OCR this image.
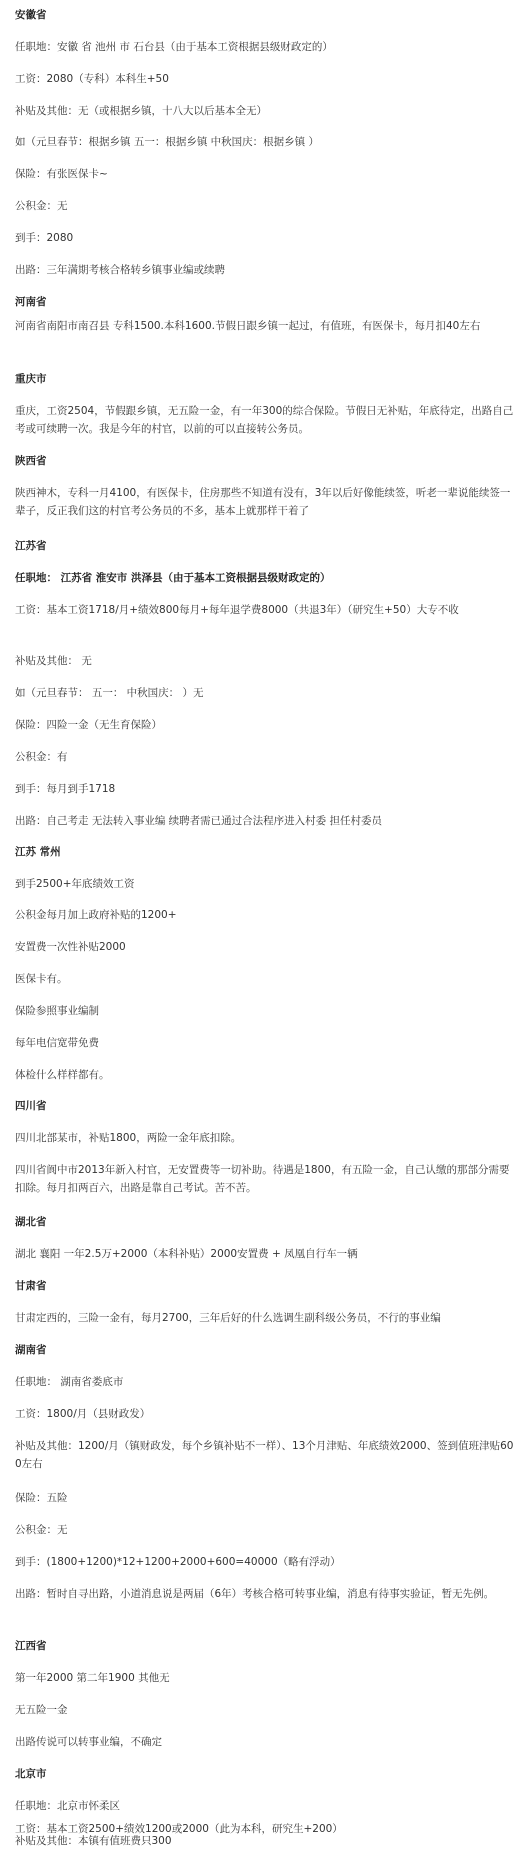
安徽省
任职地：安徽 省 池州 市 石台县（由于基本工资根据县级财政定的）
工资：2080（专科）本科生+50
补贴及其他：无（或根据乡镇，十八大以后基本全无）
如（元旦春节：根据乡镇 五一：根据乡镇 中秋国庆：根据乡镇 ）
保险：有张医保卡~
公积金：无
到手：2080
出路：三年满期考核合格转乡镇事业编或续聘
河南省
河南省南阳市南召县 专科1500.本科1600.节假日跟乡镇一起过，有值班，有医保卡，每月扣40左右
重庆市
重庆，工资2504，节假跟乡镇，无五险一金，有一年300的综合保险。节假日无补贴，年底待定，出路自己考或可续聘一次。我是今年的村官，以前的可以直接转公务员。
陕西省
陕西神木，专科一月4100，有医保卡，住房那些不知道有没有，3年以后好像能续签，听老一辈说能续签一辈子，反正我们这的村官考公务员的不多，基本上就那样干着了
江苏省
任职地： 江苏省 淮安市 洪泽县（由于基本工资根据县级财政定的）
工资：基本工资1718/月+绩效800每月+每年退学费8000（共退3年）（研究生+50）大专不收
补贴及其他： 无
如（元旦春节： 五一： 中秋国庆： ）无
保险：四险一金（无生育保险）
公积金：有
到手：每月到手1718
出路：自己考走 无法转入事业编 续聘者需已通过合法程序进入村委 担任村委员
江苏 常州
到手2500+年底绩效工资
公积金每月加上政府补贴的1200+
安置费一次性补贴2000
医保卡有。
保险参照事业编制
每年电信宽带免费
体检什么样样都有。
四川省
四川北部某市，补贴1800，两险一金年底扣除。
四川省阆中市2013年新入村官，无安置费等一切补助。待遇是1800，有五险一金，自己认缴的那部分需要扣除。每月扣两百六，出路是靠自己考试。苦不苦。
湖北省
湖北 襄阳 一年2.5万+2000（本科补贴）2000安置费 + 凤凰自行车一辆
甘肃省
甘肃定西的，三险一金有，每月2700，三年后好的什么选调生副科级公务员，不行的事业编
湖南省
任职地： 湖南省娄底市
工资：1800/月（县财政发）
补贴及其他：1200/月（镇财政发，每个乡镇补贴不一样）、13个月津贴、年底绩效2000、签到值班津贴600左右
保险：五险
公积金：无
到手：(1800+1200)*12+1200+2000+600=40000（略有浮动）
出路：暂时自寻出路，小道消息说是两届（6年）考核合格可转事业编，消息有待事实验证，暂无先例。
江西省
第一年2000 第二年1900 其他无
无五险一金
出路传说可以转事业编，不确定
北京市
任职地：北京市怀柔区
工资：基本工资2500+绩效1200或2000（此为本科，研究生+200）
补贴及其他：本镇有值班费只300
